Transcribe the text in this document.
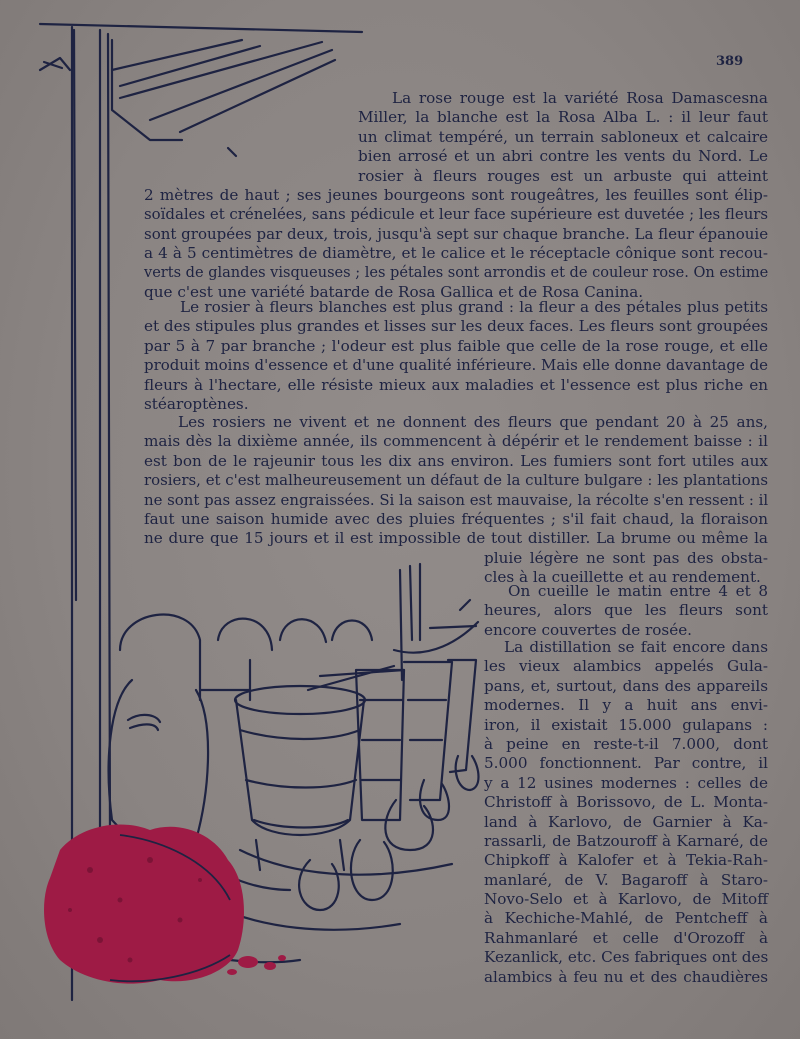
389
La rose rouge est la variété Rosa Damascesna
Miller, la blanche est la Rosa Alba L. : il leur faut
un climat tempéré, un terrain sabloneux et calcaire
bien arrosé et un abri contre les vents du Nord. Le
rosier à fleurs rouges est un arbuste qui atteint
2 mètres de haut ; ses jeunes bourgeons sont rougeâtres, les feuilles sont élip-
soïdales et crénelées, sans pédicule et leur face supérieure est duvetée ; les fleurs
sont groupées par deux, trois, jusqu'à sept sur chaque branche. La fleur épanouie
a 4 à 5 centimètres de diamètre, et le calice et le réceptacle cônique sont recou-
verts de glandes visqueuses ; les pétales sont arrondis et de couleur rose. On estime
que c'est une variété batarde de Rosa Gallica et de Rosa Canina.
Le rosier à fleurs blanches est plus grand : la fleur a des pétales plus petits
et des stipules plus grandes et lisses sur les deux faces. Les fleurs sont groupées
par 5 à 7 par branche ; l'odeur est plus faible que celle de la rose rouge, et elle
produit moins d'essence et d'une qualité inférieure. Mais elle donne davantage de
fleurs à l'hectare, elle résiste mieux aux maladies et l'essence est plus riche en
stéaroptènes.
Les rosiers ne vivent et ne donnent des fleurs que pendant 20 à 25 ans,
mais dès la dixième année, ils commencent à dépérir et le rendement baisse : il
est bon de le rajeunir tous les dix ans environ. Les fumiers sont fort utiles aux
rosiers, et c'est malheureusement un défaut de la culture bulgare : les plantations
ne sont pas assez engraissées. Si la saison est mauvaise, la récolte s'en ressent : il
faut une saison humide avec des pluies fréquentes ; s'il fait chaud, la floraison
ne dure que 15 jours et il est impossible de tout distiller. La brume ou même la
pluie légère ne sont pas des obsta-
cles à la cueillette et au rendement.
On cueille le matin entre 4 et 8
heures, alors que les fleurs sont
encore couvertes de rosée.
La distillation se fait encore dans
les vieux alambics appelés Gula-
pans, et, surtout, dans des appareils
modernes. Il y a huit ans envi-
iron, il existait 15.000 gulapans :
à peine en reste-t-il 7.000, dont
5.000 fonctionnent. Par contre, il
y a 12 usines modernes : celles de
Christoff à Borissovo, de L. Monta-
land à Karlovo, de Garnier à Ka-
rassarli, de Batzouroff à Karnaré, de
Chipkoff à Kalofer et à Tekia-Rah-
manlaré, de V. Bagaroff à Staro-
Novo-Selo et à Karlovo, de Mitoff
à Kechiche-Mahlé, de Pentcheff à
Rahmanlaré et celle d'Orozoff à
Kezanlick, etc. Ces fabriques ont des
alambics à feu nu et des chaudières
